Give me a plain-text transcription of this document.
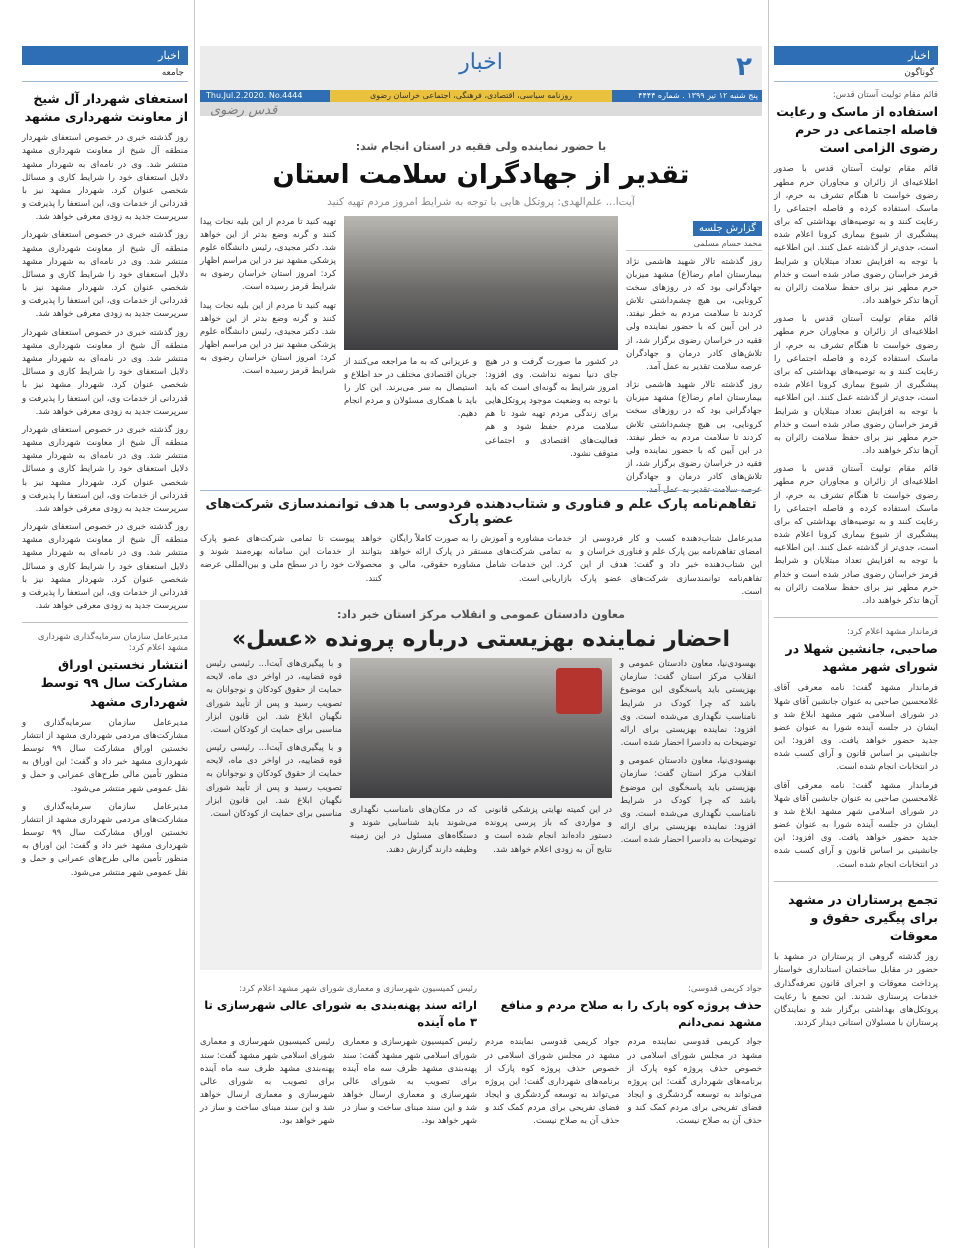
اخبار
جامعه
استعفای شهردار آل شیخ از معاونت شهرداری مشهد
روز گذشته خبری در خصوص استعفای شهردار منطقه آل شیخ از معاونت شهرداری مشهد منتشر شد. وی در نامه‌ای به شهردار مشهد دلایل استعفای خود را شرایط کاری و مسائل شخصی عنوان کرد. شهردار مشهد نیز با قدردانی از خدمات وی، این استعفا را پذیرفت و سرپرست جدید به زودی معرفی خواهد شد.
روز گذشته خبری در خصوص استعفای شهردار منطقه آل شیخ از معاونت شهرداری مشهد منتشر شد. وی در نامه‌ای به شهردار مشهد دلایل استعفای خود را شرایط کاری و مسائل شخصی عنوان کرد. شهردار مشهد نیز با قدردانی از خدمات وی، این استعفا را پذیرفت و سرپرست جدید به زودی معرفی خواهد شد.
روز گذشته خبری در خصوص استعفای شهردار منطقه آل شیخ از معاونت شهرداری مشهد منتشر شد. وی در نامه‌ای به شهردار مشهد دلایل استعفای خود را شرایط کاری و مسائل شخصی عنوان کرد. شهردار مشهد نیز با قدردانی از خدمات وی، این استعفا را پذیرفت و سرپرست جدید به زودی معرفی خواهد شد.
روز گذشته خبری در خصوص استعفای شهردار منطقه آل شیخ از معاونت شهرداری مشهد منتشر شد. وی در نامه‌ای به شهردار مشهد دلایل استعفای خود را شرایط کاری و مسائل شخصی عنوان کرد. شهردار مشهد نیز با قدردانی از خدمات وی، این استعفا را پذیرفت و سرپرست جدید به زودی معرفی خواهد شد.
روز گذشته خبری در خصوص استعفای شهردار منطقه آل شیخ از معاونت شهرداری مشهد منتشر شد. وی در نامه‌ای به شهردار مشهد دلایل استعفای خود را شرایط کاری و مسائل شخصی عنوان کرد. شهردار مشهد نیز با قدردانی از خدمات وی، این استعفا را پذیرفت و سرپرست جدید به زودی معرفی خواهد شد.
مدیرعامل سازمان سرمایه‌گذاری شهرداری مشهد اعلام کرد:
انتشار نخستین اوراق مشارکت سال ۹۹ توسط شهرداری مشهد
مدیرعامل سازمان سرمایه‌گذاری و مشارکت‌های مردمی شهرداری مشهد از انتشار نخستین اوراق مشارکت سال ۹۹ توسط شهرداری مشهد خبر داد و گفت: این اوراق به منظور تأمین مالی طرح‌های عمرانی و حمل و نقل عمومی شهر منتشر می‌شود.
مدیرعامل سازمان سرمایه‌گذاری و مشارکت‌های مردمی شهرداری مشهد از انتشار نخستین اوراق مشارکت سال ۹۹ توسط شهرداری مشهد خبر داد و گفت: این اوراق به منظور تأمین مالی طرح‌های عمرانی و حمل و نقل عمومی شهر منتشر می‌شود.
اخبار
گوناگون
قائم مقام تولیت آستان قدس:
استفاده از ماسک و رعایت فاصله اجتماعی در حرم رضوی الزامی است
قائم مقام تولیت آستان قدس با صدور اطلاعیه‌ای از زائران و مجاوران حرم مطهر رضوی خواست تا هنگام تشرف به حرم، از ماسک استفاده کرده و فاصله اجتماعی را رعایت کنند و به توصیه‌های بهداشتی که برای پیشگیری از شیوع بیماری کرونا اعلام شده است، جدی‌تر از گذشته عمل کنند. این اطلاعیه با توجه به افزایش تعداد مبتلایان و شرایط قرمز خراسان رضوی صادر شده است و خدام حرم مطهر نیز برای حفظ سلامت زائران به آن‌ها تذکر خواهند داد.
قائم مقام تولیت آستان قدس با صدور اطلاعیه‌ای از زائران و مجاوران حرم مطهر رضوی خواست تا هنگام تشرف به حرم، از ماسک استفاده کرده و فاصله اجتماعی را رعایت کنند و به توصیه‌های بهداشتی که برای پیشگیری از شیوع بیماری کرونا اعلام شده است، جدی‌تر از گذشته عمل کنند. این اطلاعیه با توجه به افزایش تعداد مبتلایان و شرایط قرمز خراسان رضوی صادر شده است و خدام حرم مطهر نیز برای حفظ سلامت زائران به آن‌ها تذکر خواهند داد.
قائم مقام تولیت آستان قدس با صدور اطلاعیه‌ای از زائران و مجاوران حرم مطهر رضوی خواست تا هنگام تشرف به حرم، از ماسک استفاده کرده و فاصله اجتماعی را رعایت کنند و به توصیه‌های بهداشتی که برای پیشگیری از شیوع بیماری کرونا اعلام شده است، جدی‌تر از گذشته عمل کنند. این اطلاعیه با توجه به افزایش تعداد مبتلایان و شرایط قرمز خراسان رضوی صادر شده است و خدام حرم مطهر نیز برای حفظ سلامت زائران به آن‌ها تذکر خواهند داد.
فرماندار مشهد اعلام کرد:
صاحبی، جانشین شهلا در شورای شهر مشهد
فرماندار مشهد گفت: نامه معرفی آقای غلامحسین صاحبی به عنوان جانشین آقای شهلا در شورای اسلامی شهر مشهد ابلاغ شد و ایشان در جلسه آینده شورا به عنوان عضو جدید حضور خواهد یافت. وی افزود: این جانشینی بر اساس قانون و آرای کسب شده در انتخابات انجام شده است.
فرماندار مشهد گفت: نامه معرفی آقای غلامحسین صاحبی به عنوان جانشین آقای شهلا در شورای اسلامی شهر مشهد ابلاغ شد و ایشان در جلسه آینده شورا به عنوان عضو جدید حضور خواهد یافت. وی افزود: این جانشینی بر اساس قانون و آرای کسب شده در انتخابات انجام شده است.
تجمع پرستاران در مشهد برای پیگیری حقوق و معوقات
روز گذشته گروهی از پرستاران در مشهد با حضور در مقابل ساختمان استانداری خواستار پرداخت معوقات و اجرای قانون تعرفه‌گذاری خدمات پرستاری شدند. این تجمع با رعایت پروتکل‌های بهداشتی برگزار شد و نمایندگان پرستاران با مسئولان استانی دیدار کردند.
اخبار	۲
پنج شنبه ۱۲ تیر ۱۳۹۹ . شماره ۴۴۴۴
روزنامه سیاسی، اقتصادی، فرهنگی، اجتماعی خراسان رضوی
Thu.Jul.2.2020. No.4444
قدس رضوی
با حضور نماینده ولی فقیه در استان انجام شد:
تقدیر از جهادگران سلامت استان
آیت‌ا... علم‌الهدی: پروتکل هایی با توجه به شرایط امروز مردم تهیه کنید
گزارش جلسه
محمد حسام مسلمی
روز گذشته تالار شهید هاشمی نژاد بیمارستان امام رضا(ع) مشهد میزبان جهادگرانی بود که در روزهای سخت کرونایی، بی هیچ چشم‌داشتی تلاش کردند تا سلامت مردم به خطر نیفتد. در این آیین که با حضور نماینده ولی فقیه در خراسان رضوی برگزار شد، از تلاش‌های کادر درمان و جهادگران عرصه سلامت تقدیر به عمل آمد.
روز گذشته تالار شهید هاشمی نژاد بیمارستان امام رضا(ع) مشهد میزبان جهادگرانی بود که در روزهای سخت کرونایی، بی هیچ چشم‌داشتی تلاش کردند تا سلامت مردم به خطر نیفتد. در این آیین که با حضور نماینده ولی فقیه در خراسان رضوی برگزار شد، از تلاش‌های کادر درمان و جهادگران
در کشور ما صورت گرفت و در هیچ جای دنیا نمونه نداشت. وی افزود: امروز شرایط به گونه‌ای است که باید با توجه به وضعیت موجود پروتکل‌هایی برای زندگی مردم تهیه شود تا هم سلامت مردم حفظ شود و هم فعالیت‌های اقتصادی و اجتماعی متوقف نشود.
و عزیزانی که به ما مراجعه می‌کنند از جریان اقتصادی مختلف در حد اطلاع و استیصال به سر می‌برند. این کار را باید با همکاری مسئولان و مردم انجام دهیم.
تهیه کنید تا مردم از این بلیه نجات پیدا کنند و گرنه وضع بدتر از این خواهد شد. دکتر مجیدی، رئیس دانشگاه علوم پزشکی مشهد نیز در این مراسم اظهار کرد: امروز استان خراسان رضوی به شرایط قرمز رسیده است.
تهیه کنید تا مردم از این بلیه نجات پیدا کنند و گرنه وضع بدتر از این خواهد شد. دکتر مجیدی، رئیس دانشگاه علوم پزشکی مشهد نیز در این مراسم اظهار کرد: امروز استان خراسان رضوی به شرایط قرمز رسیده است.
تفاهم‌نامه پارک علم و فناوری و شتاب‌دهنده فردوسی با هدف توانمندسازی شرکت‌های عضو پارک
مدیرعامل شتاب‌دهنده کسب و کار فردوسی از امضای تفاهم‌نامه بین پارک علم و فناوری خراسان و این شتاب‌دهنده خبر داد و گفت: هدف از این تفاهم‌نامه توانمندسازی شرکت‌های عضو پارک است.
خدمات مشاوره و آموزش را به صورت کاملاً رایگان به تمامی شرکت‌های مستقر در پارک ارائه خواهد کرد. این خدمات شامل مشاوره حقوقی، مالی و بازاریابی است.
خواهد پیوست تا تمامی شرکت‌های عضو پارک بتوانند از خدمات این سامانه بهره‌مند شوند و محصولات خود را در سطح ملی و بین‌المللی عرضه کنند.
معاون دادستان عمومی و انقلاب مرکز استان خبر داد:
احضار نماینده بهزیستی درباره پرونده «عسل»
بهسودی‌نیا، معاون دادستان عمومی و انقلاب مرکز استان گفت: سازمان بهزیستی باید پاسخگوی این موضوع باشد که چرا کودک در شرایط نامناسب نگهداری می‌شده است. وی افزود: نماینده بهزیستی برای ارائه توضیحات به دادسرا احضار شده است.
بهسودی‌نیا، معاون دادستان عمومی و انقلاب مرکز استان گفت: سازمان بهزیستی باید پاسخگوی این موضوع باشد که چرا کودک در شرایط نامناسب نگهداری می‌شده است. وی افزود: نماینده بهزیستی برای ارائه توضیحات به دادسرا احضار شده است.
در این کمیته نهایتی پزشکی قانونی و مواردی که باز پرسی پرونده دستور داده‌اند انجام شده است و نتایج آن به زودی اعلام خواهد شد.
که در مکان‌های نامناسب نگهداری می‌شوند باید شناسایی شوند و دستگاه‌های مسئول در این زمینه وظیفه دارند گزارش دهند.
و با پیگیری‌های آیت‌ا... رئیسی رئیس قوه قضاییه، در اواخر دی ماه، لایحه حمایت از حقوق کودکان و نوجوانان به تصویب رسید و پس از تأیید شورای نگهبان ابلاغ شد. این قانون ابزار مناسبی برای حمایت از کودکان است.
و با پیگیری‌های آیت‌ا... رئیسی رئیس قوه قضاییه، در اواخر دی ماه، لایحه حمایت از حقوق کودکان و نوجوانان به تصویب رسید و پس از تأیید شورای نگهبان ابلاغ شد. این قانون ابزار مناسبی برای حمایت از کودکان است.
جواد کریمی قدوسی:
حذف پروژه کوه پارک را به صلاح مردم و منافع مشهد نمی‌دانم
جواد کریمی قدوسی نماینده مردم مشهد در مجلس شورای اسلامی در خصوص حذف پروژه کوه پارک از برنامه‌های شهرداری گفت: این پروژه می‌تواند به توسعه گردشگری و ایجاد فضای تفریحی برای مردم کمک کند و حذف آن به صلاح نیست.
جواد کریمی قدوسی نماینده مردم مشهد در مجلس شورای اسلامی در خصوص حذف پروژه کوه پارک از برنامه‌های شهرداری گفت: این پروژه می‌تواند به توسعه گردشگری و ایجاد فضای تفریحی برای مردم کمک کند و حذف آن به صلاح نیست.
رئیس کمیسیون شهرسازی و معماری شورای شهر مشهد اعلام کرد:
ارائه سند پهنه‌بندی به شورای عالی شهرسازی تا ۳ ماه آینده
رئیس کمیسیون شهرسازی و معماری شورای اسلامی شهر مشهد گفت: سند پهنه‌بندی مشهد ظرف سه ماه آینده برای تصویب به شورای عالی شهرسازی و معماری ارسال خواهد شد و این سند مبنای ساخت و ساز در شهر خواهد بود.
رئیس کمیسیون شهرسازی و معماری شورای اسلامی شهر مشهد گفت: سند پهنه‌بندی مشهد ظرف سه ماه آینده برای تصویب به شورای عالی شهرسازی و معماری ارسال خواهد شد و این سند مبنای ساخت و ساز در شهر خواهد بود.
